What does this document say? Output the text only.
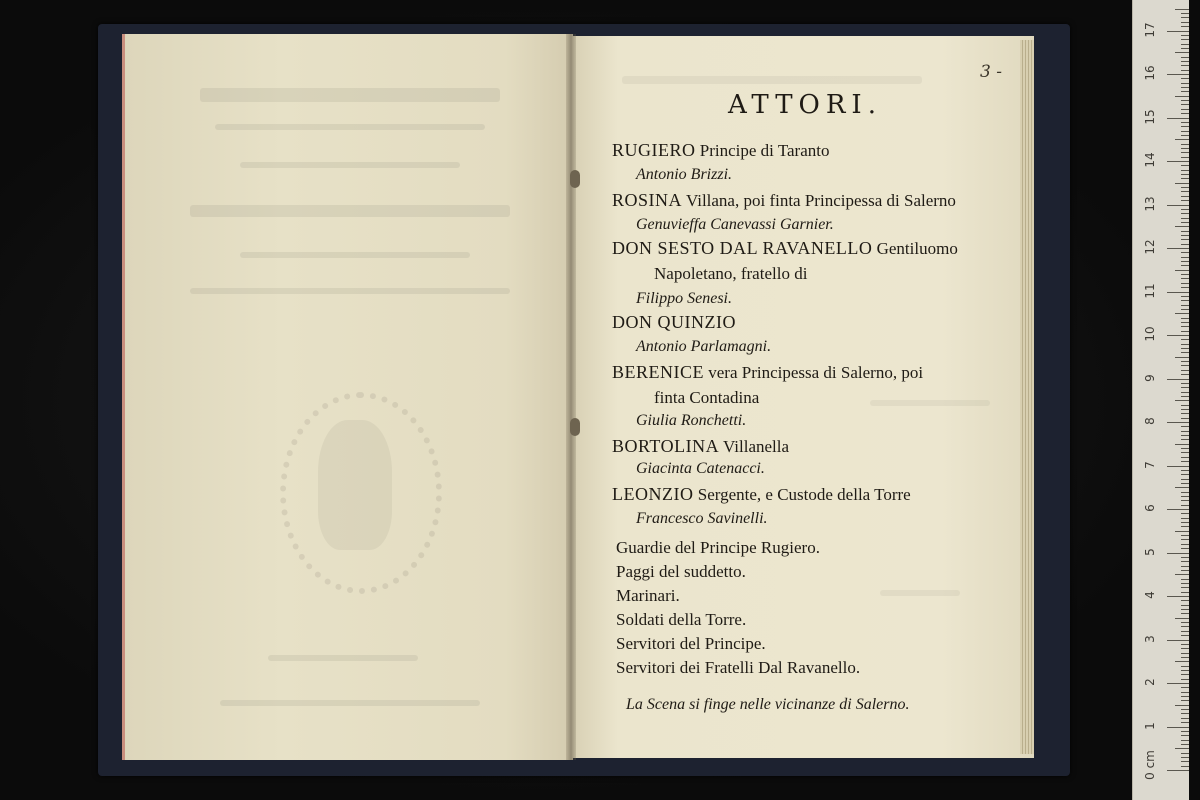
3 -
ATTORI.
RUGIERO Principe di Taranto
Antonio Brizzi.
ROSINA Villana, poi finta Principessa di Salerno
Genuvieffa Canevassi Garnier.
DON SESTO DAL RAVANELLO Gentiluomo
Napoletano, fratello di
Filippo Senesi.
DON QUINZIO
Antonio Parlamagni.
BERENICE vera Principessa di Salerno, poi
finta Contadina
Giulia Ronchetti.
BORTOLINA Villanella
Giacinta Catenacci.
LEONZIO Sergente, e Custode della Torre
Francesco Savinelli.
Guardie del Principe Rugiero.
Paggi del suddetto.
Marinari.
Soldati della Torre.
Servitori del Principe.
Servitori dei Fratelli Dal Ravanello.
La Scena si finge nelle vicinanze di Salerno.
0 cm
1
2
3
4
5
6
7
8
9
10
11
12
13
14
15
16
17
